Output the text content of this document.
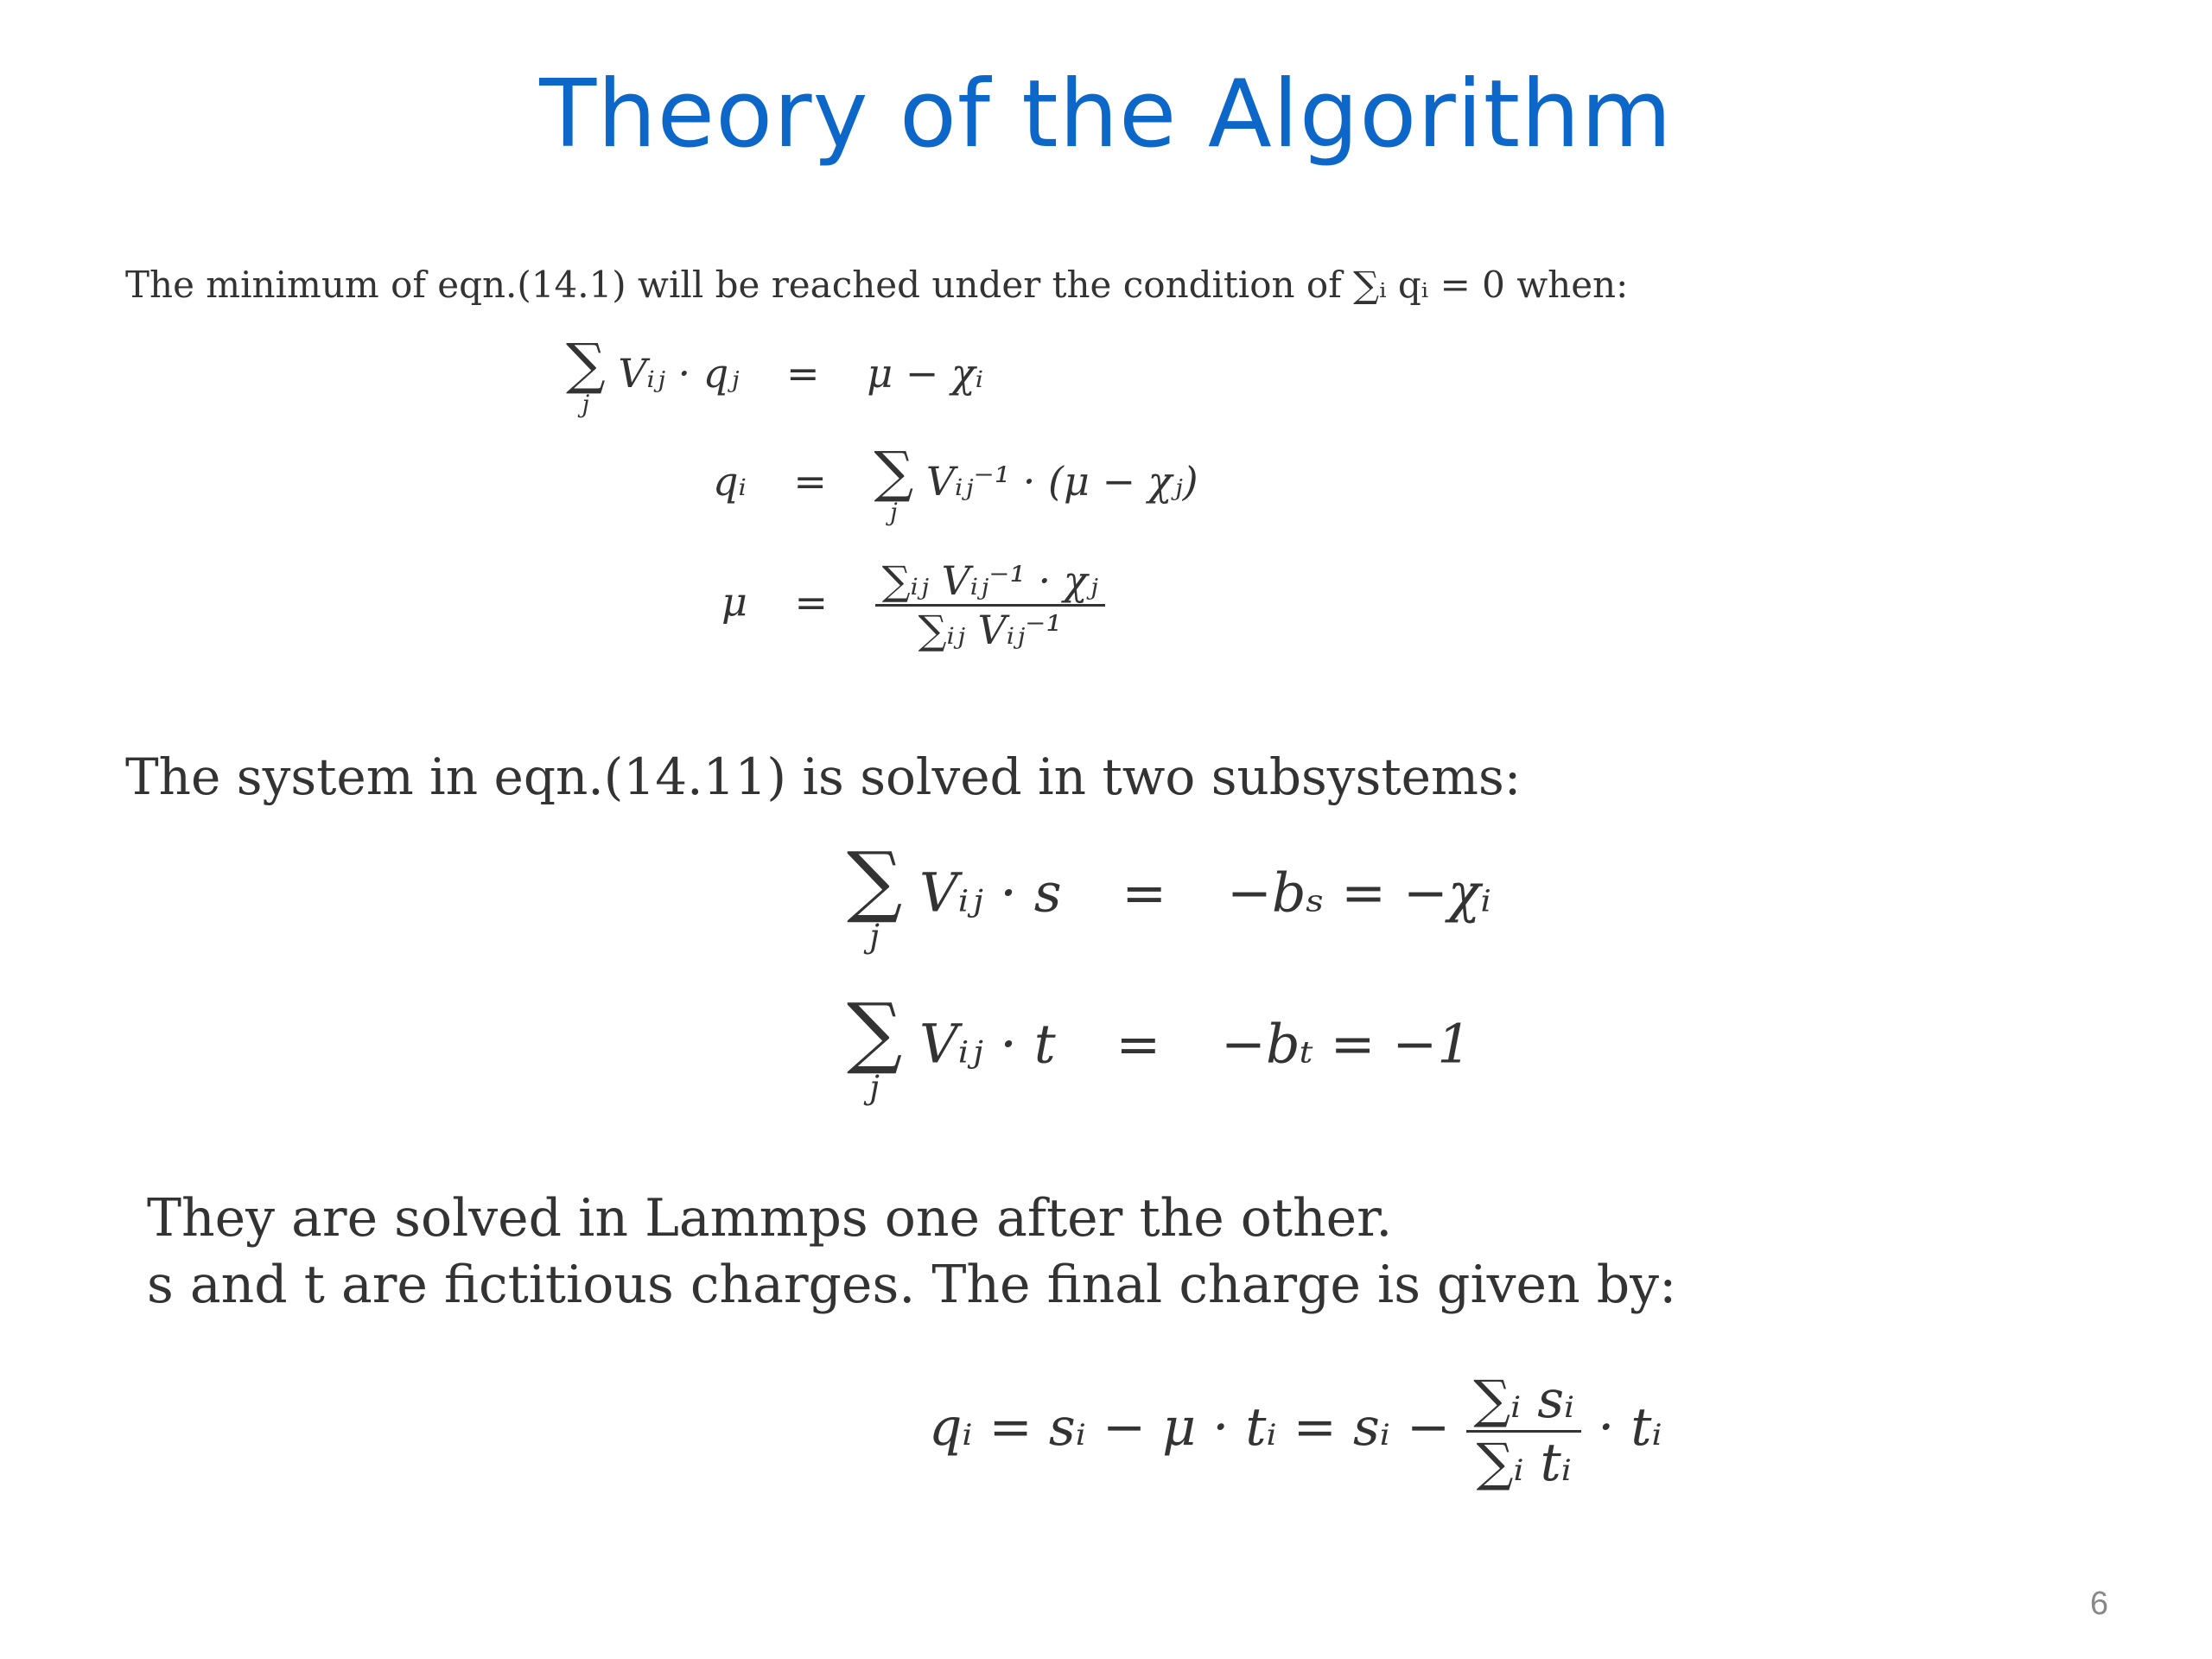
Theory of the Algorithm
The minimum of eqn.(14.1) will be reached under the condition of ∑ᵢ qᵢ = 0 when:
∑
j
Vᵢⱼ · qⱼ = μ − χᵢ
qᵢ = ∑
j
Vᵢⱼ⁻¹ · (μ − χⱼ)
$\mu = \frac{\text{∑ᵢⱼ Vᵢⱼ⁻¹ · χⱼ}}{\text{∑ᵢⱼ Vᵢⱼ⁻¹}}$
The system in eqn.(14.11) is solved in two subsystems:
∑
j
Vᵢⱼ · s = −bₛ = −χᵢ
∑
j
Vᵢⱼ · t = −bₜ = −1
They are solved in Lammps one after the other.
s and t are fictitious charges. The final charge is given by:
qᵢ = sᵢ − μ · tᵢ = sᵢ − $\frac{\text{∑ᵢ sᵢ}}{\text{∑ᵢ tᵢ}}$ · tᵢ
6
